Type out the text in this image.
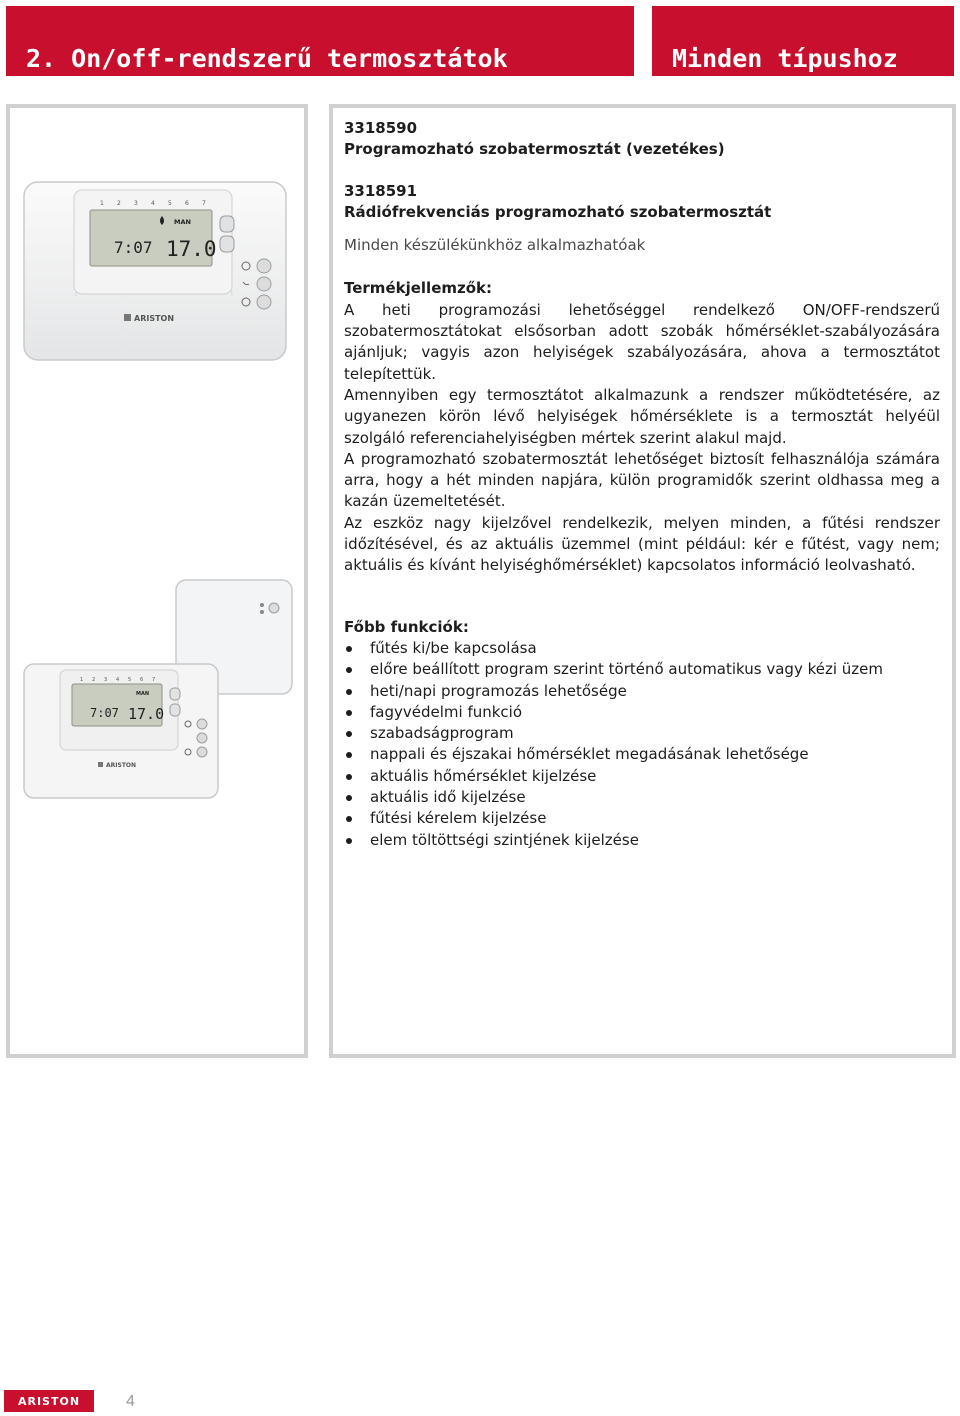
2. On/off-rendszerű termosztátok	Minden típushoz
1 2 3 4 5 6 7
MAN
7:07 17.0
ARISTON
1 2 3 4 5 6 7
MAN
7:07 17.0
ARISTON
3318590
Programozható szobatermosztát (vezetékes)
3318591
Rádiófrekvenciás programozható szobatermosztát
Minden készülékünkhöz alkalmazhatóak
Termékjellemzők:

A heti programozási lehetőséggel rendelkező ON/OFF-rendszerű szobatermosztátokat elsősorban adott szobák hőmérséklet-szabályozására ajánljuk; vagyis azon helyiségek szabályozására, ahova a termosztátot telepítettük.

Amennyiben egy termosztátot alkalmazunk a rendszer működtetésére, az ugyanezen körön lévő helyiségek hőmérséklete is a termosztát helyéül szolgáló referenciahelyiségben mértek szerint alakul majd.

A programozható szobatermosztát lehetőséget biztosít felhasználója számára arra, hogy a hét minden napjára, külön programidők szerint oldhassa meg a kazán üzemeltetését.

Az eszköz nagy kijelzővel rendelkezik, melyen minden, a fűtési rendszer időzítésével, és az aktuális üzemmel (mint például: kér e fűtést, vagy nem; aktuális és kívánt helyiséghőmérséklet) kapcsolatos információ leolvasható.

Főbb funkciók:
fűtés ki/be kapcsolása
előre beállított program szerint történő automatikus vagy kézi üzem
heti/napi programozás lehetősége
fagyvédelmi funkció
szabadságprogram
nappali és éjszakai hőmérséklet megadásának lehetősége
aktuális hőmérséklet kijelzése
aktuális idő kijelzése
fűtési kérelem kijelzése
elem töltöttségi szintjének kijelzése
ARISTON	4
